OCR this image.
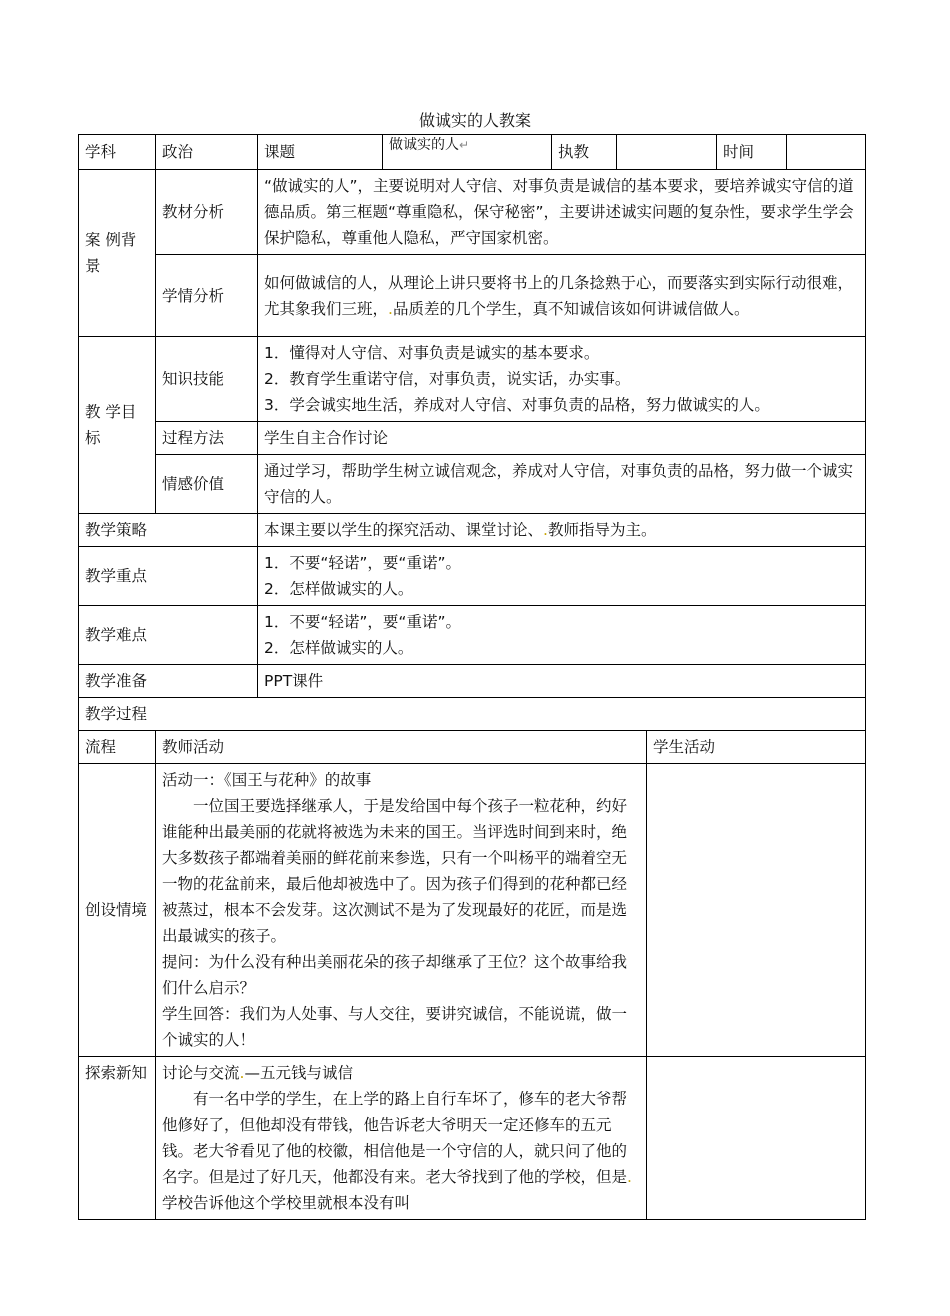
做诚实的人教案
学科	政治	课题	做诚实的人↵	执教			时间	
案 例背景	教材分析	“做诚实的人”，主要说明对人守信、对事负责是诚信的基本要求，要培养诚实守信的道德品质。第三框题“尊重隐私，保守秘密”，主要讲述诚实问题的复杂性，要求学生学会保护隐私，尊重他人隐私，严守国家机密。						
	学情分析	如何做诚信的人，从理论上讲只要将书上的几条捻熟于心，而要落实到实际行动很难，尤其象我们三班，.品质差的几个学生，真不知诚信该如何讲诚信做人。						
教 学目标	知识技能	1．懂得对人守信、对事负责是诚实的基本要求。
2．教育学生重诺守信，对事负责，说实话，办实事。
3．学会诚实地生活，养成对人守信、对事负责的品格，努力做诚实的人。						

	过程方法	学生自主合作讨论						
	情感价值	通过学习，帮助学生树立诚信观念，养成对人守信，对事负责的品格，努力做一个诚实守信的人。						
教学策略		本课主要以学生的探究活动、课堂讨论、.教师指导为主。						
教学重点		1．不要“轻诺”，要“重诺”。
2．怎样做诚实的人。						

教学难点		1．不要“轻诺”，要“重诺”。
2．怎样做诚实的人。						

教学准备		PPT课件						
教学过程								
流程	教师活动					学生活动		
创设情境	活动一：《国王与花种》的故事
一位国王要选择继承人，于是发给国中每个孩子一粒花种，约好谁能种出最美丽的花就将被选为未来的国王。当评选时间到来时，绝大多数孩子都端着美丽的鲜花前来参选，只有一个叫杨平的端着空无一物的花盆前来，最后他却被选中了。因为孩子们得到的花种都已经被蒸过，根本不会发芽。这次测试不是为了发现最好的花匠，而是选出最诚实的孩子。
提问：为什么没有种出美丽花朵的孩子却继承了王位？这个故事给我们什么启示？
学生回答：我们为人处事、与人交往，要讲究诚信，不能说谎，做一个诚实的人！							

探索新知	讨论与交流.—五元钱与诚信
有一名中学的学生，在上学的路上自行车坏了，修车的老大爷帮他修好了，但他却没有带钱，他告诉老大爷明天一定还修车的五元钱。老大爷看见了他的校徽，相信他是一个守信的人，就只问了他的名字。但是过了好几天，他都没有来。老大爷找到了他的学校，但是.学校告诉他这个学校里就根本没有叫							
